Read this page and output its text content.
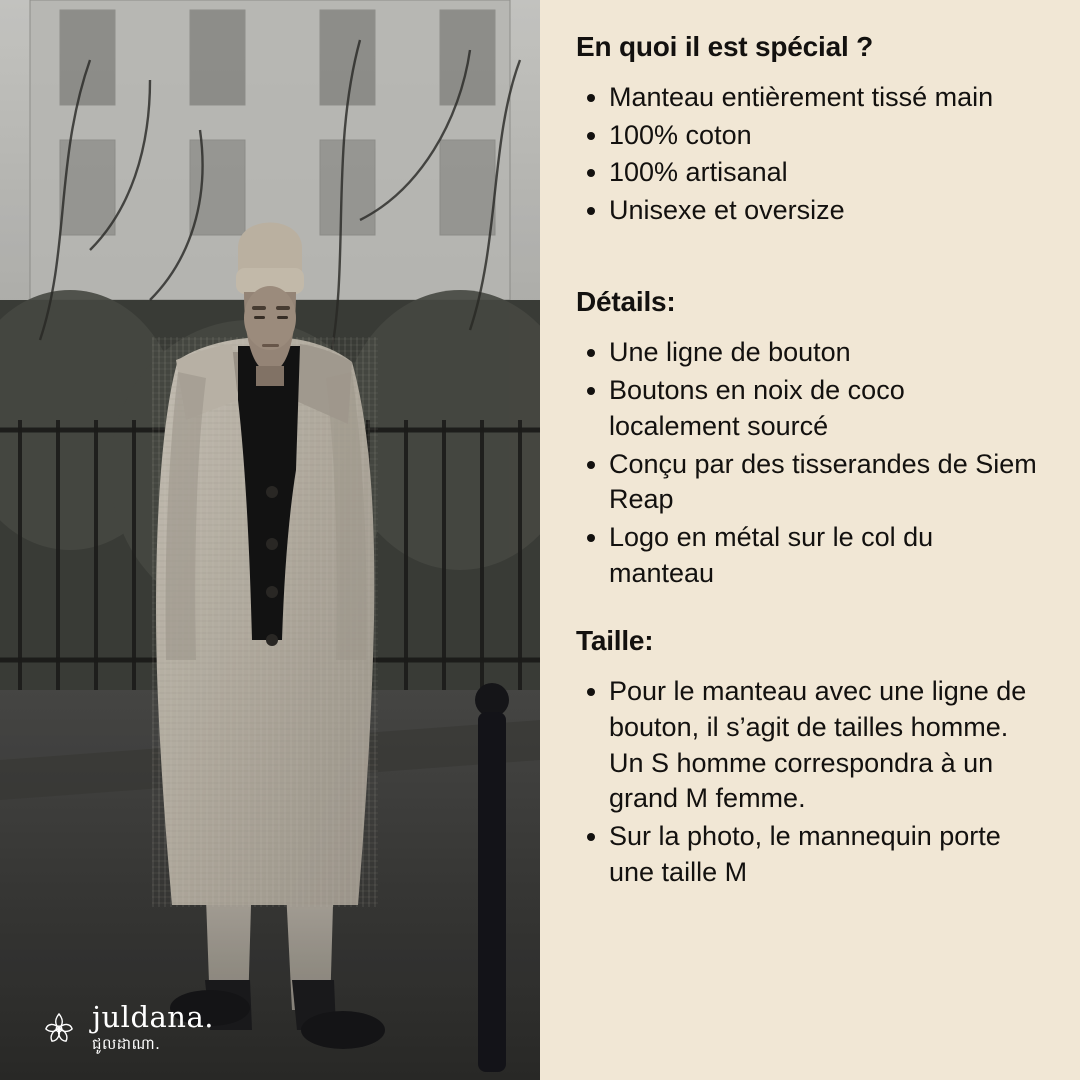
juldana.
ជូលដាណា.
En quoi il est spécial ?
Manteau entièrement tissé main
100% coton
100% artisanal
Unisexe et oversize
Détails:
Une ligne de bouton
Boutons en noix de coco localement sourcé
Conçu par des tisserandes de Siem Reap
Logo en métal sur le col du manteau
Taille:
Pour le manteau avec une ligne de bouton, il s’agit de tailles homme. Un S homme correspondra à un grand M femme.
Sur la photo, le mannequin porte une taille M
